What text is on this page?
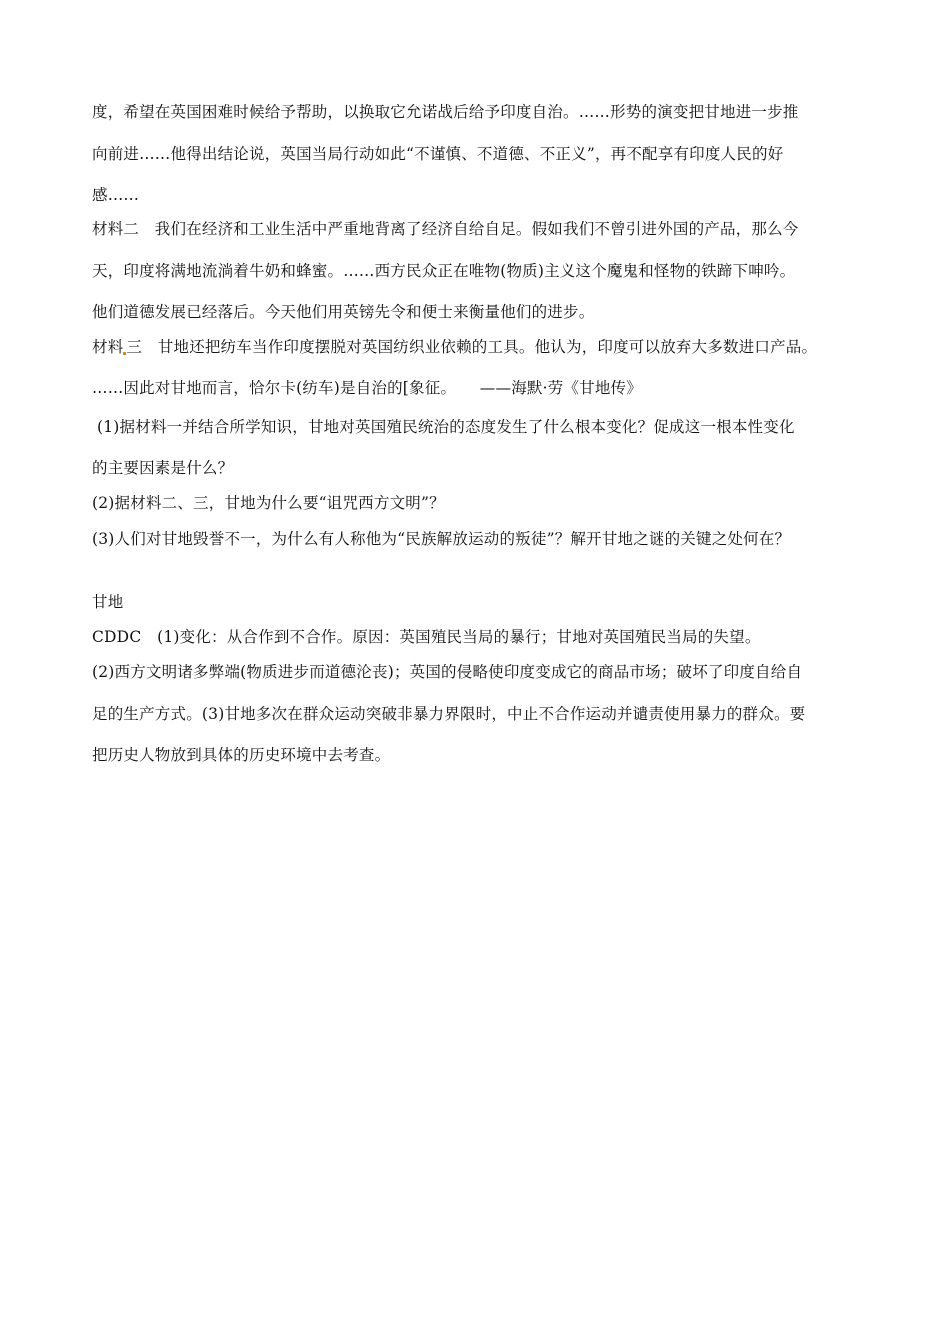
度，希望在英国困难时候给予帮助，以换取它允诺战后给予印度自治。……形势的演变把甘地进一步推
向前进……他得出结论说，英国当局行动如此“不谨慎、不道德、不正义”，再不配享有印度人民的好
感……
材料二　我们在经济和工业生活中严重地背离了经济自给自足。假如我们不曾引进外国的产品，那么今
天，印度将满地流淌着牛奶和蜂蜜。……西方民众正在唯物(物质)主义这个魔鬼和怪物的铁蹄下呻吟。
他们道德发展已经落后。今天他们用英镑先令和便士来衡量他们的进步。
材料 三　甘地还把纺车当作印度摆脱对英国纺织业依赖的工具。他认为，印度可以放弃大多数进口产品。
……因此对甘地而言，恰尔卡(纺车)是自治的[象征。　　——海默·劳《甘地传》
(1)据材料一并结合所学知识，甘地对英国殖民统治的态度发生了什么根本变化？促成这一根本性变化
的主要因素是什么？
(2)据材料二、三，甘地为什么要“诅咒西方文明”？
(3)人们对甘地毁誉不一，为什么有人称他为“民族解放运动的叛徒”？解开甘地之谜的关键之处何在？
甘地
CDDC　(1)变化：从合作到不合作。原因：英国殖民当局的暴行；甘地对英国殖民当局的失望。
(2)西方文明诸多弊端(物质进步而道德沦丧)；英国的侵略使印度变成它的商品市场；破坏了印度自给自
足的生产方式。(3)甘地多次在群众运动突破非暴力界限时，中止不合作运动并谴责使用暴力的群众。要
把历史人物放到具体的历史环境中去考查。
